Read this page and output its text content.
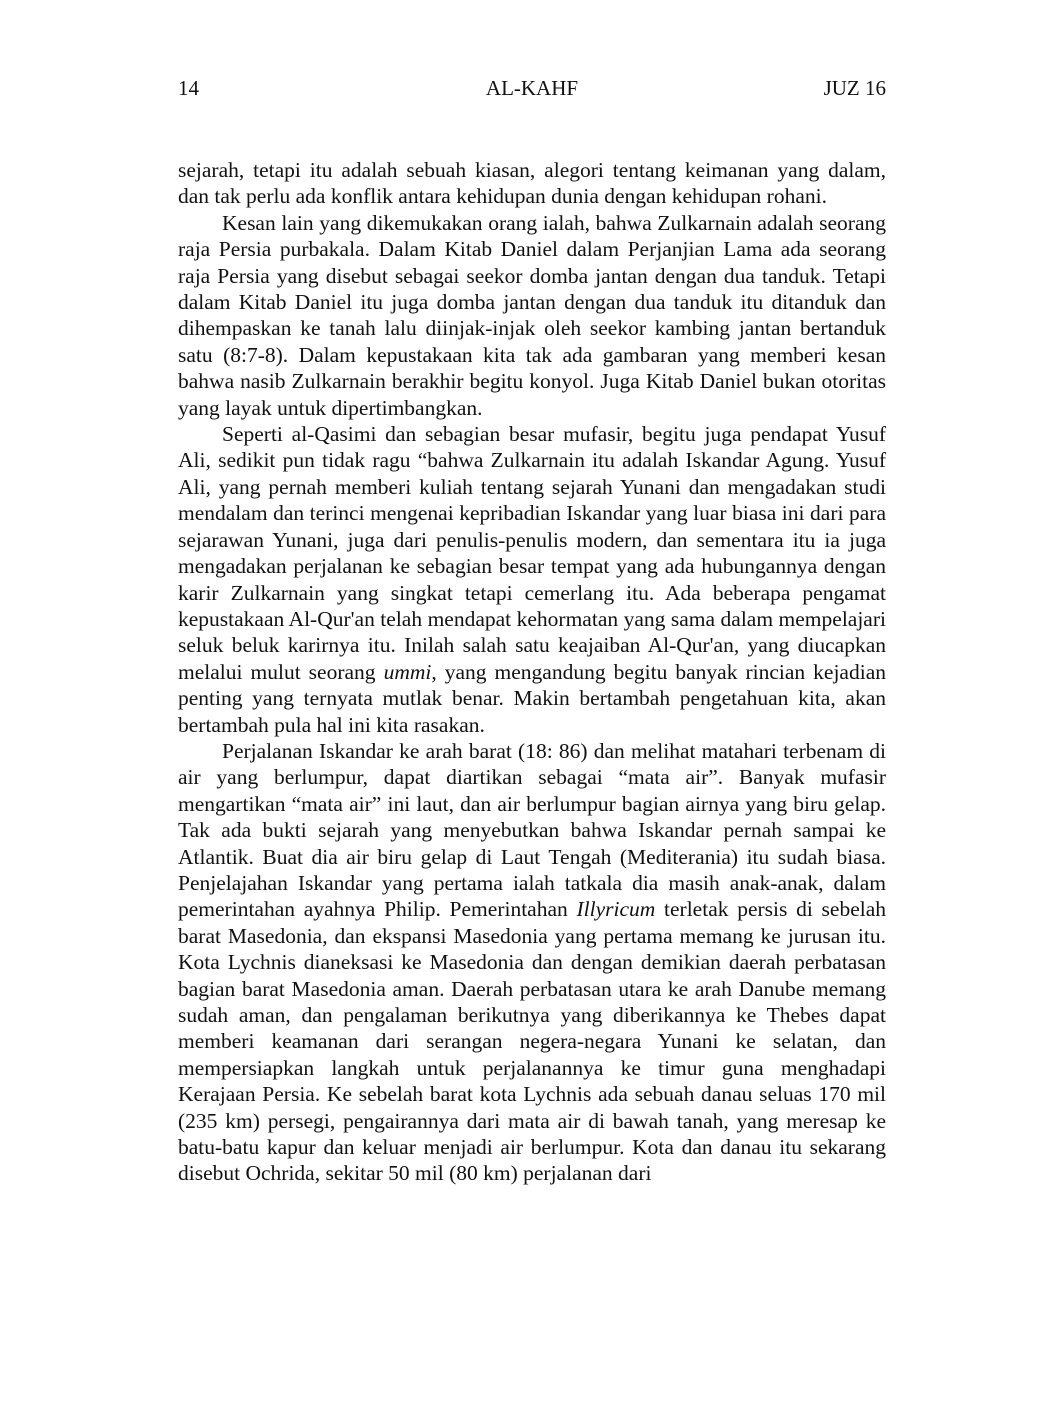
14	AL-KAHF	JUZ 16

sejarah, tetapi itu adalah sebuah kiasan, alegori tentang keimanan yang dalam, dan tak perlu ada konflik antara kehidupan dunia dengan kehidupan rohani.

Kesan lain yang dikemukakan orang ialah, bahwa Zulkarnain adalah seorang raja Persia purbakala. Dalam Kitab Daniel dalam Perjanjian Lama ada seorang raja Persia yang disebut sebagai seekor domba jantan dengan dua tanduk. Tetapi dalam Kitab Daniel itu juga domba jantan dengan dua tanduk itu ditanduk dan dihempaskan ke tanah lalu diinjak-injak oleh seekor kambing jantan bertanduk satu (8:7-8). Dalam kepustakaan kita tak ada gambaran yang memberi kesan bahwa nasib Zulkarnain berakhir begitu konyol. Juga Kitab Daniel bukan otoritas yang layak untuk dipertimbangkan.

Seperti al-Qasimi dan sebagian besar mufasir, begitu juga pendapat Yusuf Ali, sedikit pun tidak ragu “bahwa Zulkarnain itu adalah Iskandar Agung. Yusuf Ali, yang pernah memberi kuliah tentang sejarah Yunani dan mengadakan studi mendalam dan terinci mengenai kepribadian Iskandar yang luar biasa ini dari para sejarawan Yunani, juga dari penulis-penulis modern, dan sementara itu ia juga mengadakan perjalanan ke sebagian besar tempat yang ada hubungannya dengan karir Zulkarnain yang singkat tetapi cemerlang itu. Ada beberapa pengamat kepustakaan Al-Qur'an telah mendapat kehormatan yang sama dalam mempelajari seluk beluk karirnya itu. Inilah salah satu keajaiban Al-Qur'an, yang diucapkan melalui mulut seorang ummi, yang mengandung begitu banyak rincian kejadian penting yang ternyata mutlak benar. Makin bertambah pengetahuan kita, akan bertambah pula hal ini kita rasakan.

Perjalanan Iskandar ke arah barat (18: 86) dan melihat matahari terbenam di air yang berlumpur, dapat diartikan sebagai “mata air”. Banyak mufasir mengartikan “mata air” ini laut, dan air berlumpur bagian airnya yang biru gelap. Tak ada bukti sejarah yang menyebutkan bahwa Iskandar pernah sampai ke Atlantik. Buat dia air biru gelap di Laut Tengah (Mediterania) itu sudah biasa. Penjelajahan Iskandar yang pertama ialah tatkala dia masih anak-anak, dalam pemerintahan ayahnya Philip. Pemerintahan Illyricum terletak persis di sebelah barat Masedonia, dan ekspansi Masedonia yang pertama memang ke jurusan itu. Kota Lychnis dianeksasi ke Masedonia dan dengan demikian daerah perbatasan bagian barat Masedonia aman. Daerah perbatasan utara ke arah Danube memang sudah aman, dan pengalaman berikutnya yang diberikannya ke Thebes dapat memberi keamanan dari serangan negera-negara Yunani ke selatan, dan mempersiapkan langkah untuk perjalanannya ke timur guna menghadapi Kerajaan Persia. Ke sebelah barat kota Lychnis ada sebuah danau seluas 170 mil (235 km) persegi, pengairannya dari mata air di bawah tanah, yang meresap ke batu-batu kapur dan keluar menjadi air berlumpur. Kota dan danau itu sekarang disebut Ochrida, sekitar 50 mil (80 km) perjalanan dari
